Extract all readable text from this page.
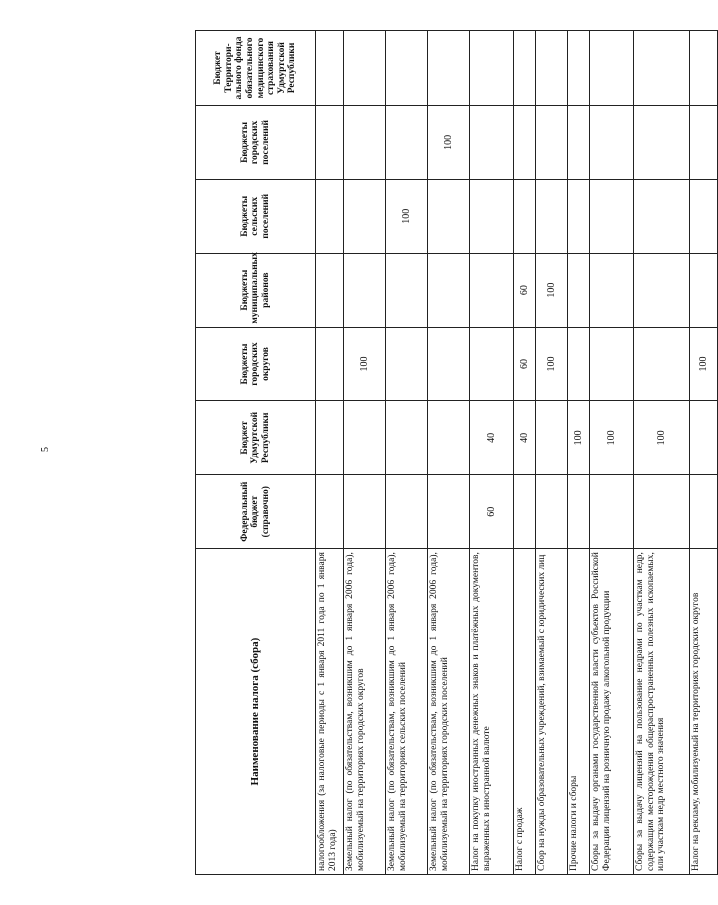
5
Наименование налога (сбора)	Федеральный бюджет (справочно)	Бюджет Удмуртской Республики	Бюджеты городских округов	Бюджеты муниципальных районов	Бюджеты сельских поселений	Бюджеты городских поселений	Бюджет Территори- ального фонда обязательного медицинского страхования Удмуртской Республики
налогообложения (за налоговые периоды с 1 января 2011 года по 1 января 2013 года)							
Земельный налог (по обязательствам, возникшим до 1 января 2006 года), мобилизуемый на территориях городских округов			100				
Земельный налог (по обязательствам, возникшим до 1 января 2006 года), мобилизуемый на территориях сельских поселений					100		
Земельный налог (по обязательствам, возникшим до 1 января 2006 года), мобилизуемый на территориях городских поселений						100	
Налог на покупку иностранных денежных знаков и платёжных документов, выраженных в иностранной валюте	60	40					
Налог с продаж		40	60	60			
Сбор на нужды образовательных учреждений, взимаемый с юридических лиц			100	100			
Прочие налоги и сборы		100					
Сборы за выдачу органами государственной власти субъектов Российской Федерации лицензий на розничную продажу алкогольной продукции		100					
Сборы за выдачу лицензий на пользование недрами по участкам недр, содержащим месторождения общераспространенных полезных ископаемых, или участкам недр местного значения		100					
Налог на рекламу, мобилизуемый на территориях городских округов			100				
